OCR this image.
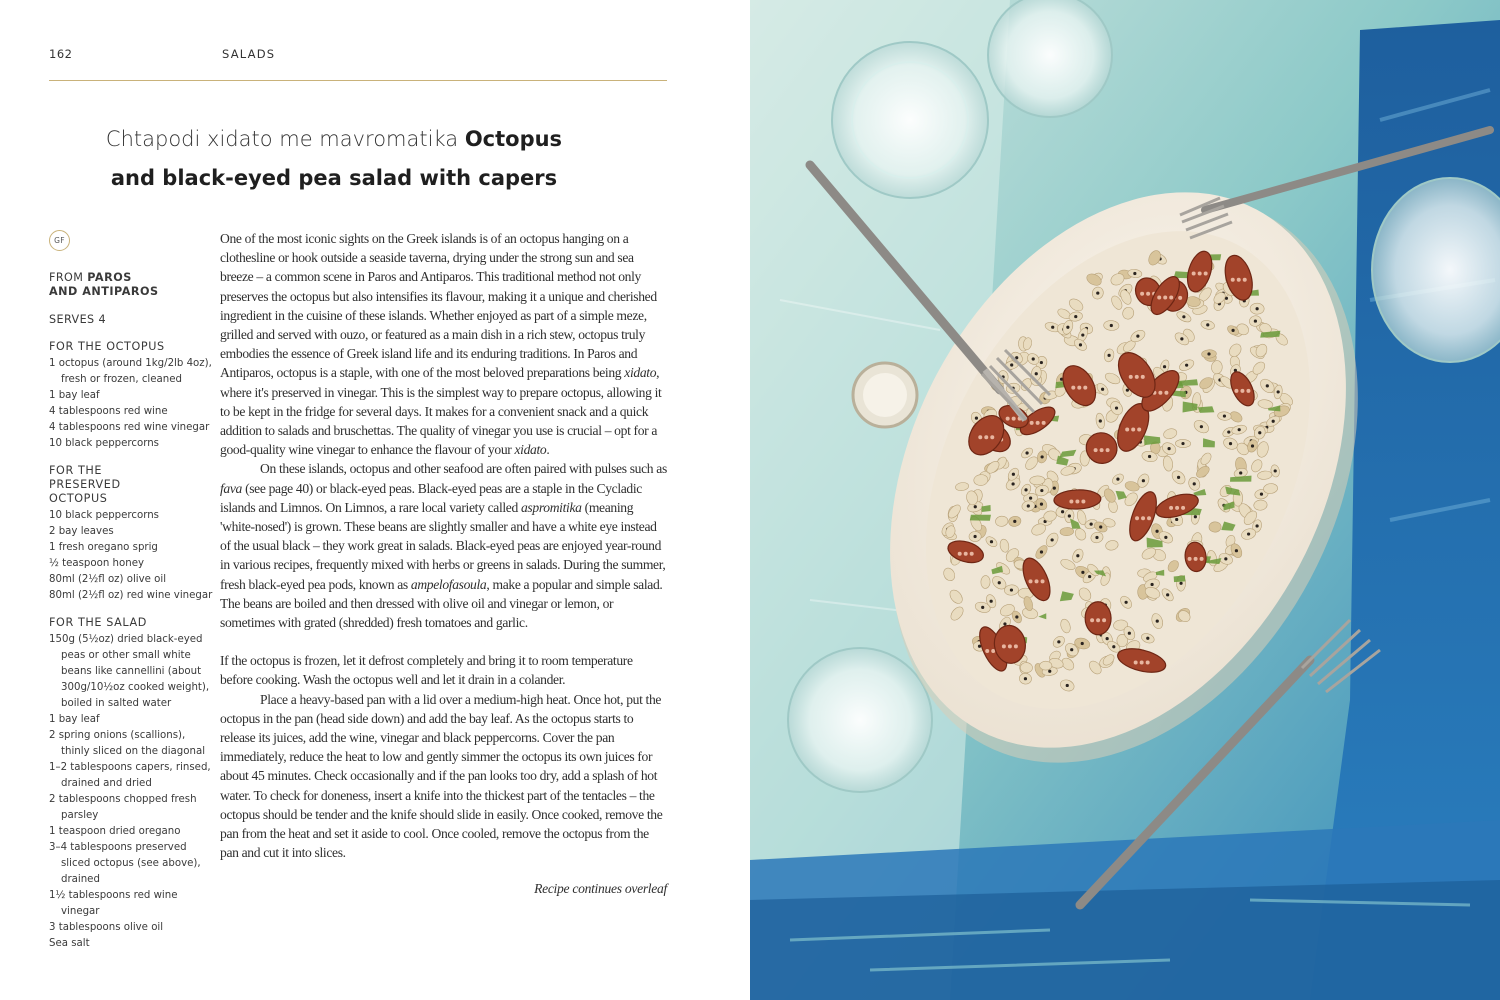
162	SALADS
Chtapodi xidato me mavromatika Octopus
and black-eyed pea salad with capers
GF
FROM PAROS
AND ANTIPAROS
SERVES 4
FOR THE OCTOPUS
1 octopus (around 1kg/2lb 4oz), fresh or frozen, cleaned
1 bay leaf
4 tablespoons red wine
4 tablespoons red wine vinegar
10 black peppercorns
FOR THE PRESERVED OCTOPUS
10 black peppercorns
2 bay leaves
1 fresh oregano sprig
½ teaspoon honey
80ml (2½fl oz) olive oil
80ml (2½fl oz) red wine vinegar
FOR THE SALAD
150g (5½oz) dried black-eyed peas or other small white beans like cannellini (about 300g/10½oz cooked weight), boiled in salted water
1 bay leaf
2 spring onions (scallions), thinly sliced on the diagonal
1–2 tablespoons capers, rinsed, drained and dried
2 tablespoons chopped fresh parsley
1 teaspoon dried oregano
3–4 tablespoons preserved sliced octopus (see above), drained
1½ tablespoons red wine vinegar
3 tablespoons olive oil
Sea salt

One of the most iconic sights on the Greek islands is of an octopus hanging on a clothesline or hook outside a seaside taverna, drying under the strong sun and sea breeze – a common scene in Paros and Antiparos. This traditional method not only preserves the octopus but also intensifies its flavour, making it a unique and cherished ingredient in the cuisine of these islands. Whether enjoyed as part of a simple meze, grilled and served with ouzo, or featured as a main dish in a rich stew, octopus truly embodies the essence of Greek island life and its enduring traditions. In Paros and Antiparos, octopus is a staple, with one of the most beloved preparations being xidato, where it's preserved in vinegar. This is the simplest way to prepare octopus, allowing it to be kept in the fridge for several days. It makes for a convenient snack and a quick addition to salads and bruschettas. The quality of vinegar you use is crucial – opt for a good-quality wine vinegar to enhance the flavour of your xidato.

On these islands, octopus and other seafood are often paired with pulses such as fava (see page 40) or black-eyed peas. Black-eyed peas are a staple in the Cycladic islands and Limnos. On Limnos, a rare local variety called aspromitika (meaning 'white-nosed') is grown. These beans are slightly smaller and have a white eye instead of the usual black – they work great in salads. Black-eyed peas are enjoyed year-round in various recipes, frequently mixed with herbs or greens in salads. During the summer, fresh black-eyed pea pods, known as ampelofasoula, make a popular and simple salad. The beans are boiled and then dressed with olive oil and vinegar or lemon, or sometimes with grated (shredded) fresh tomatoes and garlic.

If the octopus is frozen, let it defrost completely and bring it to room temperature before cooking. Wash the octopus well and let it drain in a colander.

Place a heavy-based pan with a lid over a medium-high heat. Once hot, put the octopus in the pan (head side down) and add the bay leaf. As the octopus starts to release its juices, add the wine, vinegar and black peppercorns. Cover the pan immediately, reduce the heat to low and gently simmer the octopus its own juices for about 45 minutes. Check occasionally and if the pan looks too dry, add a splash of hot water. To check for doneness, insert a knife into the thickest part of the tentacles – the octopus should be tender and the knife should slide in easily. Once cooked, remove the pan from the heat and set it aside to cool. Once cooled, remove the octopus from the pan and cut it into slices.

Recipe continues overleaf
